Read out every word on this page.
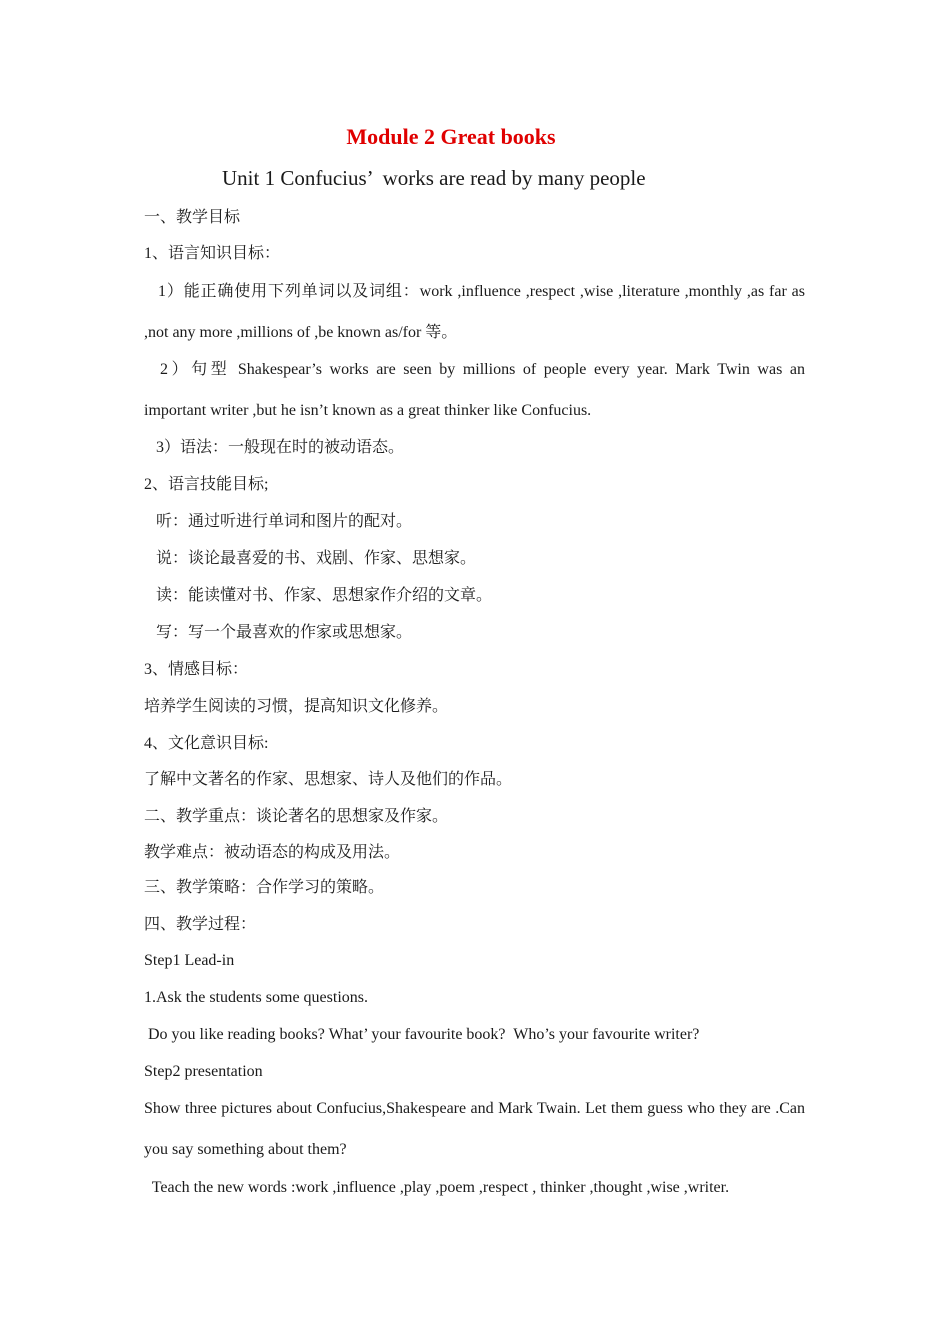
Module 2 Great books
Unit 1 Confucius’  works are read by many people
一、教学目标
1、语言知识目标：
1）能正确使用下列单词以及词组：work ,influence ,respect ,wise ,literature ,monthly ,as far as ,not any more ,millions of ,be known as/for 等。
2）句型 Shakespear’s works are seen by millions of people every year. Mark Twin was an important writer ,but he isn’t known as a great thinker like Confucius.
3）语法：一般现在时的被动语态。
2、语言技能目标;
听：通过听进行单词和图片的配对。
说：谈论最喜爱的书、戏剧、作家、思想家。
读：能读懂对书、作家、思想家作介绍的文章。
写：写一个最喜欢的作家或思想家。
3、情感目标：
培养学生阅读的习惯，提高知识文化修养。
4、文化意识目标:
了解中文著名的作家、思想家、诗人及他们的作品。
二、教学重点：谈论著名的思想家及作家。
教学难点：被动语态的构成及用法。
三、教学策略：合作学习的策略。
四、教学过程：
Step1 Lead-in
1.Ask the students some questions.
Do you like reading books? What’ your favourite book?  Who’s your favourite writer?
Step2 presentation
Show three pictures about Confucius,Shakespeare and Mark Twain. Let them guess who they are .Can you say something about them?
Teach the new words :work ,influence ,play ,poem ,respect , thinker ,thought ,wise ,writer.
